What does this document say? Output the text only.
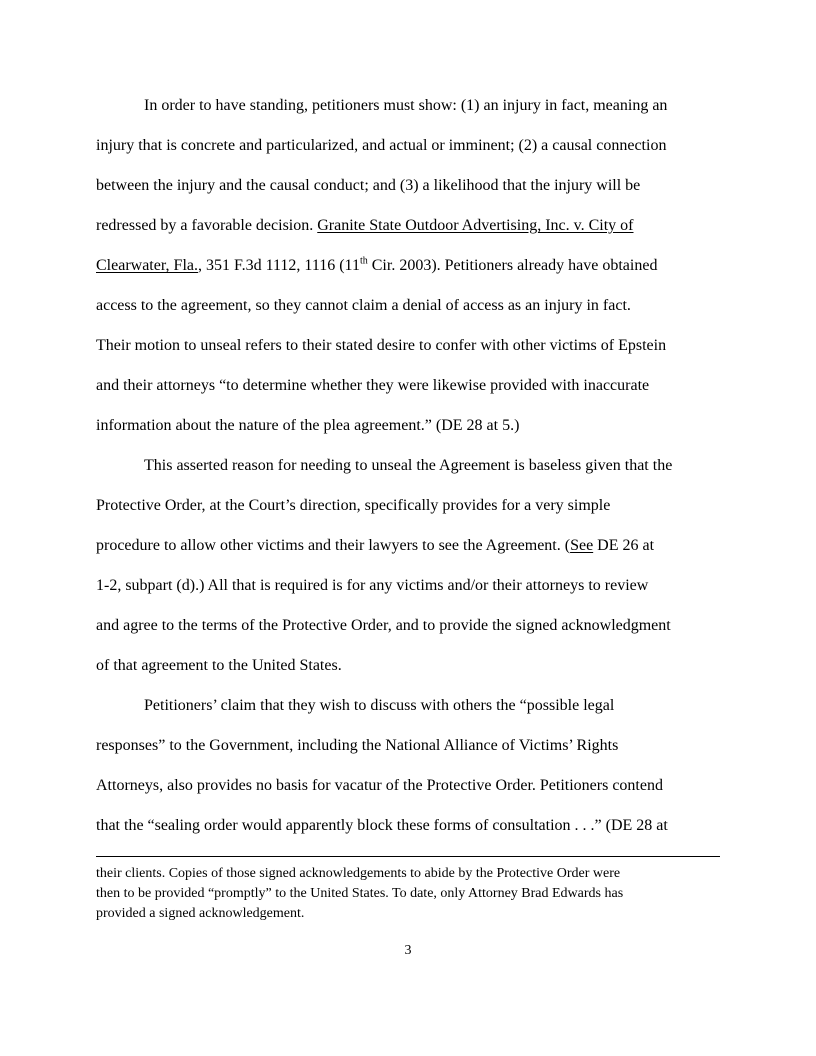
In order to have standing, petitioners must show: (1) an injury in fact, meaning an
injury that is concrete and particularized, and actual or imminent; (2) a causal connection
between the injury and the causal conduct; and (3) a likelihood that the injury will be
redressed by a favorable decision. Granite State Outdoor Advertising, Inc. v. City of
Clearwater, Fla., 351 F.3d 1112, 1116 (11th Cir. 2003). Petitioners already have obtained
access to the agreement, so they cannot claim a denial of access as an injury in fact.
Their motion to unseal refers to their stated desire to confer with other victims of Epstein
and their attorneys “to determine whether they were likewise provided with inaccurate
information about the nature of the plea agreement.” (DE 28 at 5.)
This asserted reason for needing to unseal the Agreement is baseless given that the
Protective Order, at the Court’s direction, specifically provides for a very simple
procedure to allow other victims and their lawyers to see the Agreement. (See DE 26 at
1-2, subpart (d).) All that is required is for any victims and/or their attorneys to review
and agree to the terms of the Protective Order, and to provide the signed acknowledgment
of that agreement to the United States.
Petitioners’ claim that they wish to discuss with others the “possible legal
responses” to the Government, including the National Alliance of Victims’ Rights
Attorneys, also provides no basis for vacatur of the Protective Order. Petitioners contend
that the “sealing order would apparently block these forms of consultation . . .” (DE 28 at
their clients. Copies of those signed acknowledgements to abide by the Protective Order were
then to be provided “promptly” to the United States. To date, only Attorney Brad Edwards has
provided a signed acknowledgement.
3
